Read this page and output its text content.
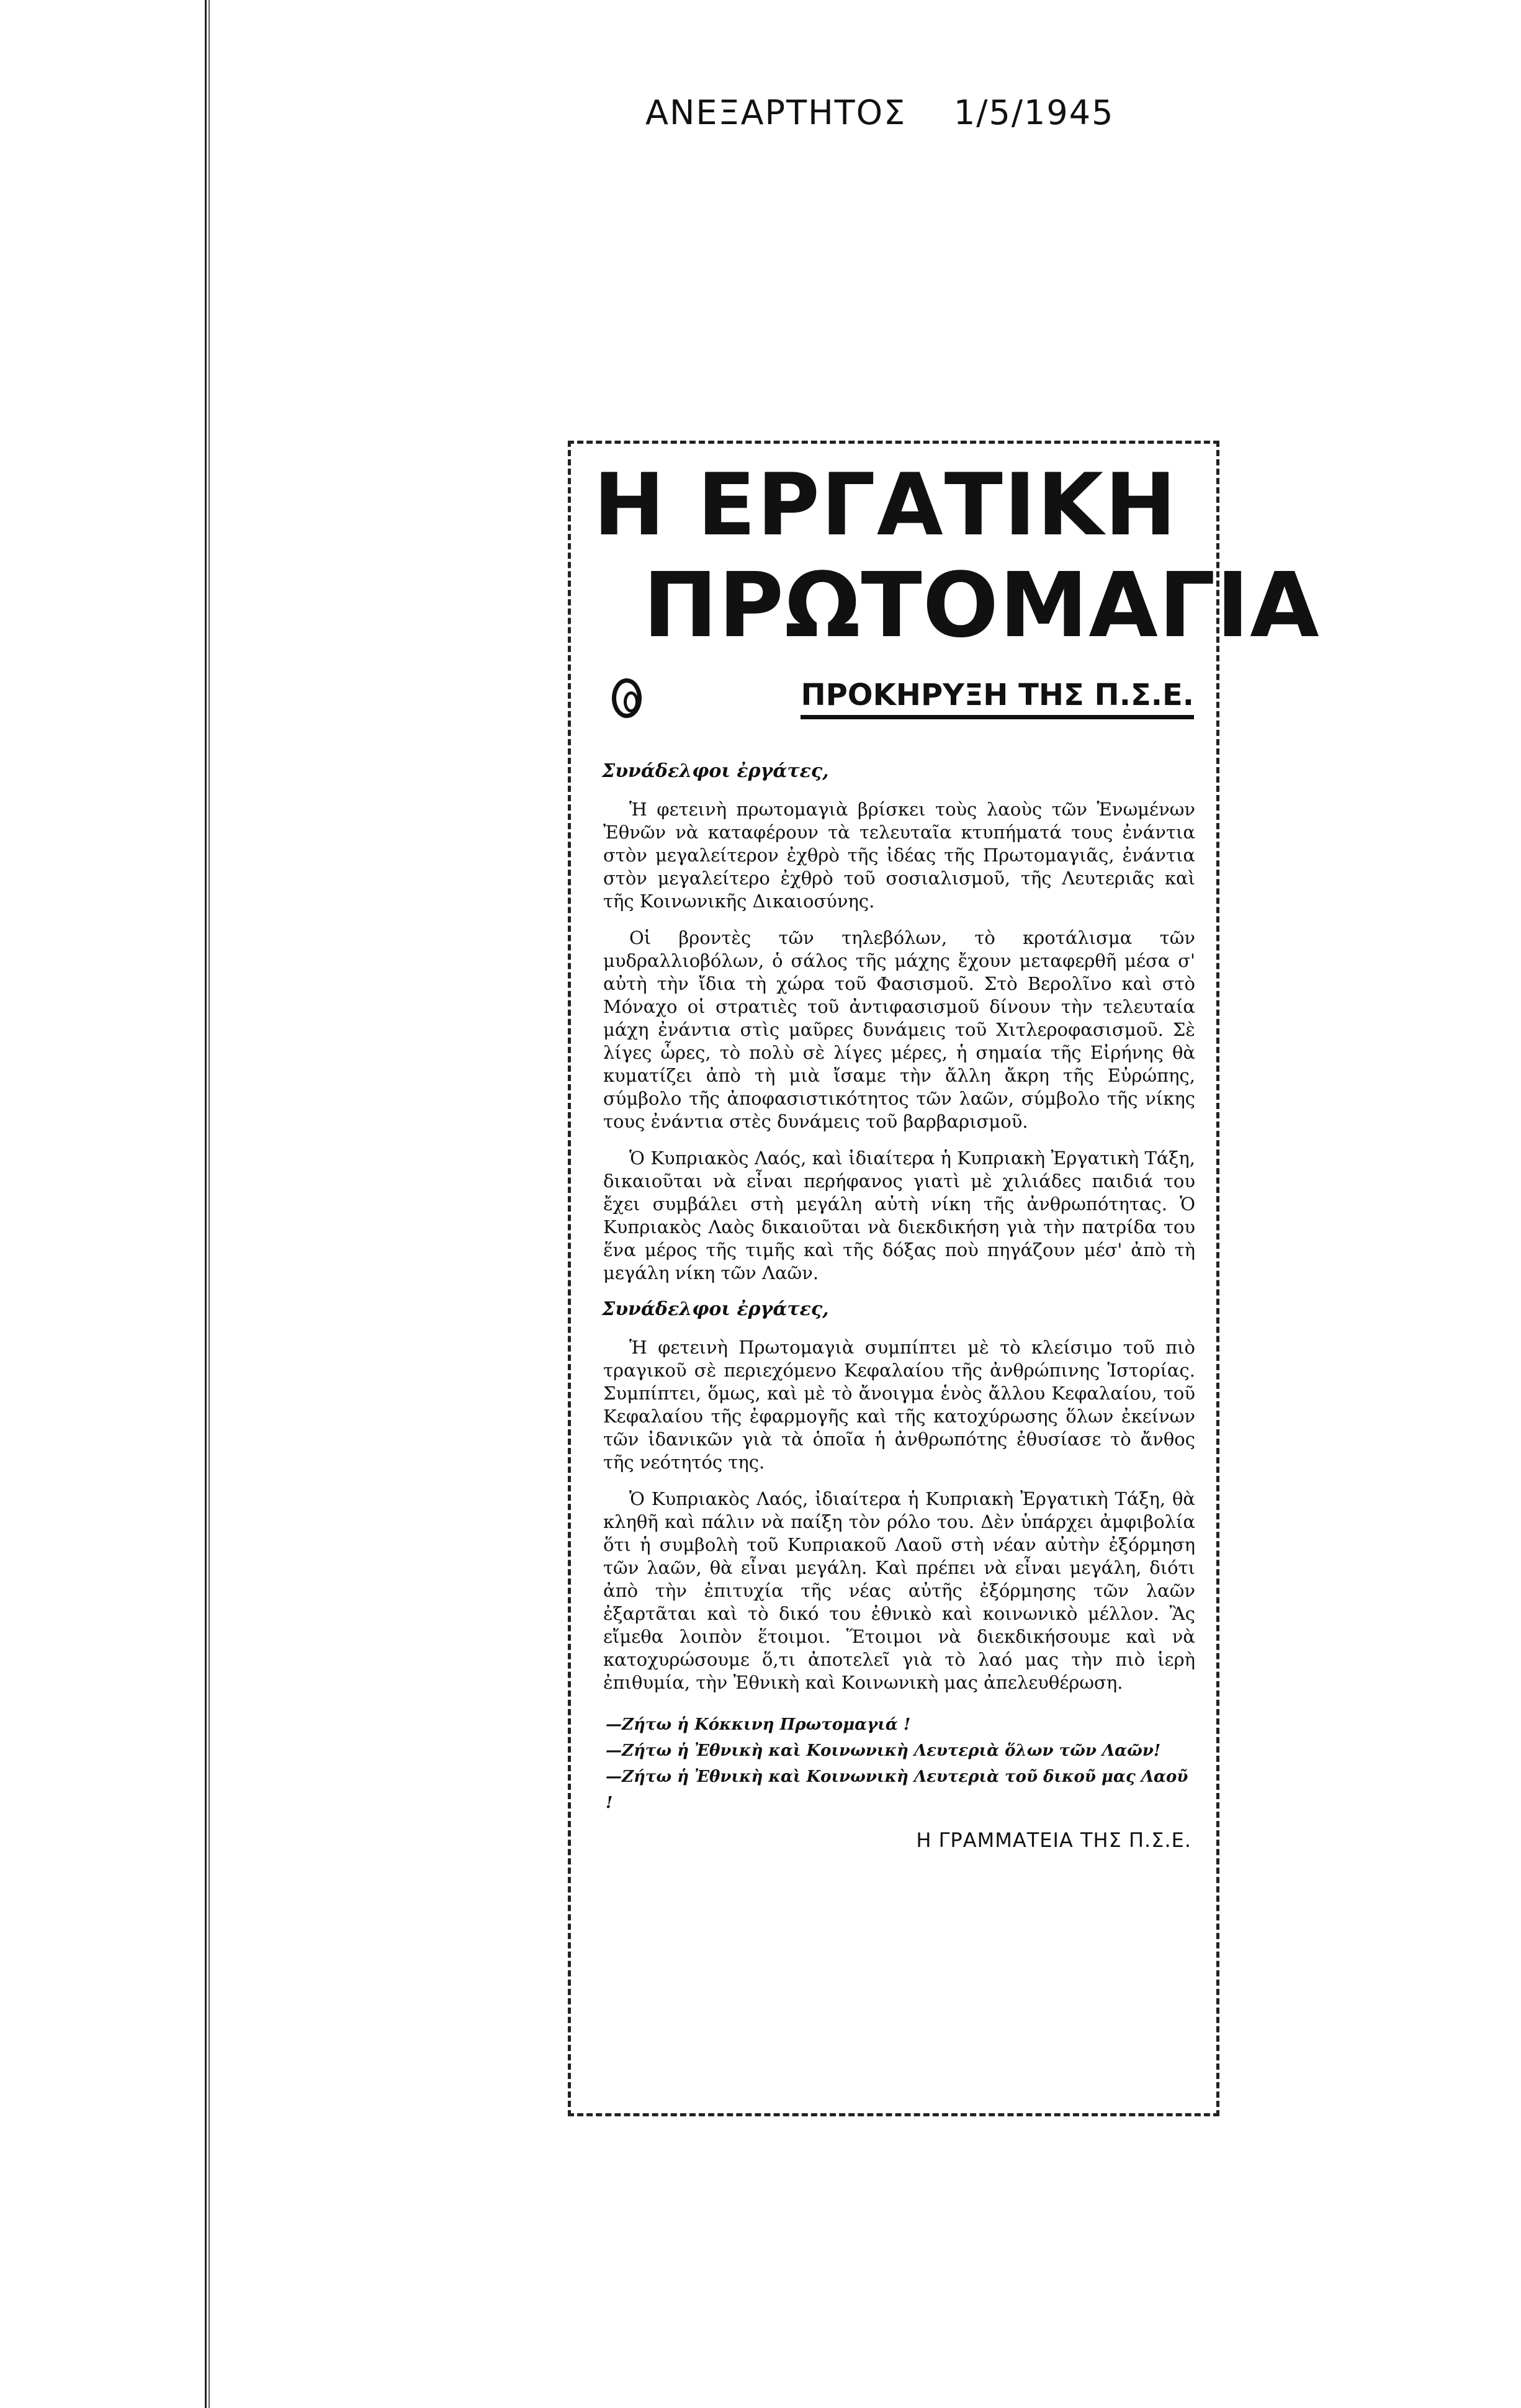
ΑΝΕΞΑΡΤΗΤΟΣ 1/5/1945
Η ΕΡΓΑΤΙΚΗ
ΠΡΩΤΟΜΑΓΙΑ
ΠΡΟΚΗΡΥΞΗ ΤΗΣ Π.Σ.Ε.
Συνάδελφοι ἐργάτες,

Ἡ φετεινὴ πρωτομαγιὰ βρίσκει τοὺς λαοὺς τῶν Ἑνωμένων Ἐθνῶν νὰ καταφέρουν τὰ τελευταῖα κτυπήματά τους ἐνάντια στὸν μεγαλείτερον ἐχθρὸ τῆς ἰδέας τῆς Πρωτομαγιᾶς, ἐνάντια στὸν μεγαλείτερο ἐχθρὸ τοῦ σοσιαλισμοῦ, τῆς Λευτεριᾶς καὶ τῆς Κοινωνικῆς Δικαιοσύνης.

Οἱ βροντὲς τῶν τηλεβόλων, τὸ κροτάλισμα τῶν μυδραλλιοβόλων, ὁ σάλος τῆς μάχης ἔχουν μεταφερθῆ μέσα σ' αὐτὴ τὴν ἴδια τὴ χώρα τοῦ Φασισμοῦ. Στὸ Βερολῖνο καὶ στὸ Μόναχο οἱ στρατιὲς τοῦ ἀντιφασισμοῦ δίνουν τὴν τελευταία μάχη ἐνάντια στὶς μαῦρες δυνάμεις τοῦ Χιτλεροφασισμοῦ. Σὲ λίγες ὧρες, τὸ πολὺ σὲ λίγες μέρες, ἡ σημαία τῆς Εἰρήνης θὰ κυματίζει ἀπὸ τὴ μιὰ ἴσαμε τὴν ἄλλη ἄκρη τῆς Εὐρώπης, σύμβολο τῆς ἀποφασιστικότητος τῶν λαῶν, σύμβολο τῆς νίκης τους ἐνάντια στὲς δυνάμεις τοῦ βαρβαρισμοῦ.

Ὁ Κυπριακὸς Λαός, καὶ ἰδιαίτερα ἡ Κυπριακὴ Ἐργατικὴ Τάξη, δικαιοῦται νὰ εἶναι περήφανος γιατὶ μὲ χιλιάδες παιδιά του ἔχει συμβάλει στὴ μεγάλη αὐτὴ νίκη τῆς ἀνθρωπότητας. Ὁ Κυπριακὸς Λαὸς δικαιοῦται νὰ διεκδικήση γιὰ τὴν πατρίδα του ἕνα μέρος τῆς τιμῆς καὶ τῆς δόξας ποὺ πηγάζουν μέσ' ἀπὸ τὴ μεγάλη νίκη τῶν Λαῶν.

Συνάδελφοι ἐργάτες,

Ἡ φετεινὴ Πρωτομαγιὰ συμπίπτει μὲ τὸ κλείσιμο τοῦ πιὸ τραγικοῦ σὲ περιεχόμενο Κεφαλαίου τῆς ἀνθρώπινης Ἱστορίας. Συμπίπτει, ὅμως, καὶ μὲ τὸ ἄνοιγμα ἑνὸς ἄλλου Κεφαλαίου, τοῦ Κεφαλαίου τῆς ἐφαρμογῆς καὶ τῆς κατοχύρωσης ὅλων ἐκείνων τῶν ἰδανικῶν γιὰ τὰ ὁποῖα ἡ ἀνθρωπότης ἐθυσίασε τὸ ἄνθος τῆς νεότητός της.

Ὁ Κυπριακὸς Λαός, ἰδιαίτερα ἡ Κυπριακὴ Ἐργατικὴ Τάξη, θὰ κληθῆ καὶ πάλιν νὰ παίξη τὸν ρόλο του. Δὲν ὑπάρχει ἀμφιβολία ὅτι ἡ συμβολὴ τοῦ Κυπριακοῦ Λαοῦ στὴ νέαν αὐτὴν ἐξόρμηση τῶν λαῶν, θὰ εἶναι μεγάλη. Καὶ πρέπει νὰ εἶναι μεγάλη, διότι ἀπὸ τὴν ἐπιτυχία τῆς νέας αὐτῆς ἐξόρμησης τῶν λαῶν ἐξαρτᾶται καὶ τὸ δικό του ἐθνικὸ καὶ κοινωνικὸ μέλλον. Ἂς εἴμεθα λοιπὸν ἕτοιμοι. Ἕτοιμοι νὰ διεκδικήσουμε καὶ νὰ κατοχυρώσουμε ὅ,τι ἀποτελεῖ γιὰ τὸ λαό μας τὴν πιὸ ἱερὴ ἐπιθυμία, τὴν Ἐθνικὴ καὶ Κοινωνικὴ μας ἀπελευθέρωση.

—Ζήτω ἡ Κόκκινη Πρωτομαγιά !

—Ζήτω ἡ Ἐθνικὴ καὶ Κοινωνικὴ Λευτεριὰ ὅλων τῶν Λαῶν!

—Ζήτω ἡ Ἐθνικὴ καὶ Κοινωνικὴ Λευτεριὰ τοῦ δικοῦ μας Λαοῦ !

Η ΓΡΑΜΜΑΤΕΙΑ ΤΗΣ Π.Σ.Ε.
